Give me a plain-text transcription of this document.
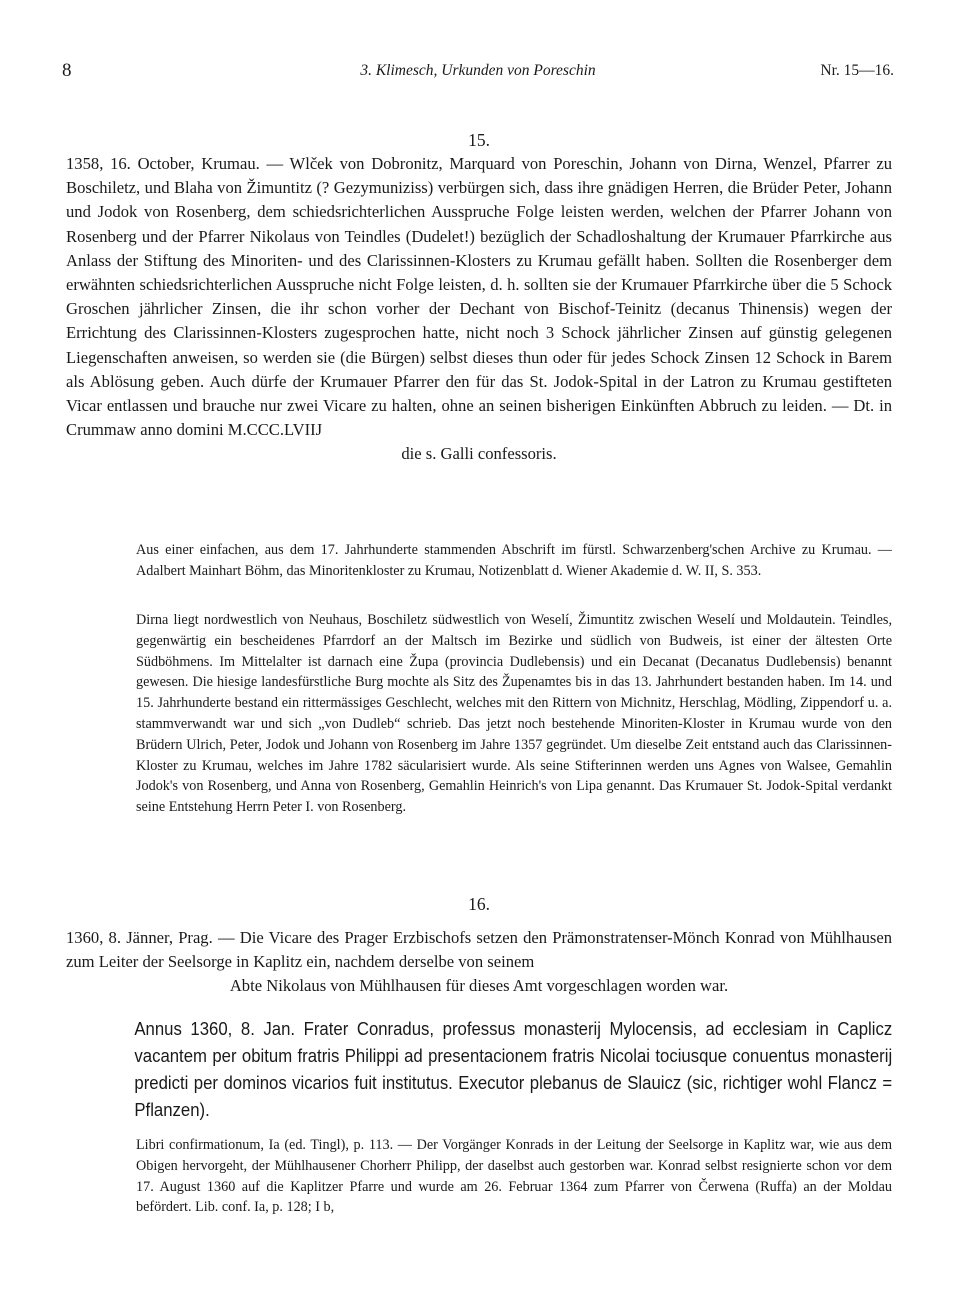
8	3. Klimesch, Urkunden von Poreschin	Nr. 15—16.
15.
1358, 16. October, Krumau. — Wlček von Dobronitz, Marquard von Poreschin, Johann von Dirna, Wenzel, Pfarrer zu Boschiletz, und Blaha von Žimuntitz (? Gezymuniziss) verbürgen sich, dass ihre gnädigen Herren, die Brüder Peter, Johann und Jodok von Rosenberg, dem schiedsrichterlichen Ausspruche Folge leisten werden, welchen der Pfarrer Johann von Rosenberg und der Pfarrer Nikolaus von Teindles (Dudelet!) bezüglich der Schadloshaltung der Krumauer Pfarrkirche aus Anlass der Stiftung des Minoriten- und des Clarissinnen-Klosters zu Krumau gefällt haben. Sollten die Rosenberger dem erwähnten schiedsrichterlichen Ausspruche nicht Folge leisten, d. h. sollten sie der Krumauer Pfarrkirche über die 5 Schock Groschen jährlicher Zinsen, die ihr schon vorher der Dechant von Bischof-Teinitz (decanus Thinensis) wegen der Errichtung des Clarissinnen-Klosters zugesprochen hatte, nicht noch 3 Schock jährlicher Zinsen auf günstig gelegenen Liegenschaften anweisen, so werden sie (die Bürgen) selbst dieses thun oder für jedes Schock Zinsen 12 Schock in Barem als Ablösung geben. Auch dürfe der Krumauer Pfarrer den für das St. Jodok-Spital in der Latron zu Krumau gestifteten Vicar entlassen und brauche nur zwei Vicare zu halten, ohne an seinen bisherigen Einkünften Abbruch zu leiden. — Dt. in Crummaw anno domini M.CCC.LVIIJ
die s. Galli confessoris.
Aus einer einfachen, aus dem 17. Jahrhunderte stammenden Abschrift im fürstl. Schwarzenberg'schen Archive zu Krumau. — Adalbert Mainhart Böhm, das Minoritenkloster zu Krumau, Notizenblatt d. Wiener Akademie d. W. II, S. 353.
Dirna liegt nordwestlich von Neuhaus, Boschiletz südwestlich von Weselí, Žimuntitz zwischen Weselí und Moldautein. Teindles, gegenwärtig ein bescheidenes Pfarrdorf an der Maltsch im Bezirke und südlich von Budweis, ist einer der ältesten Orte Südböhmens. Im Mittelalter ist darnach eine Župa (provincia Dudlebensis) und ein Decanat (Decanatus Dudlebensis) benannt gewesen. Die hiesige landesfürstliche Burg mochte als Sitz des Župenamtes bis in das 13. Jahrhundert bestanden haben. Im 14. und 15. Jahrhunderte bestand ein rittermässiges Geschlecht, welches mit den Rittern von Michnitz, Herschlag, Mödling, Zippendorf u. a. stammverwandt war und sich „von Dudleb“ schrieb. Das jetzt noch bestehende Minoriten-Kloster in Krumau wurde von den Brüdern Ulrich, Peter, Jodok und Johann von Rosenberg im Jahre 1357 gegründet. Um dieselbe Zeit entstand auch das Clarissinnen-Kloster zu Krumau, welches im Jahre 1782 säcularisiert wurde. Als seine Stifterinnen werden uns Agnes von Walsee, Gemahlin Jodok's von Rosenberg, und Anna von Rosenberg, Gemahlin Heinrich's von Lipa genannt. Das Krumauer St. Jodok-Spital verdankt seine Entstehung Herrn Peter I. von Rosenberg.
16.
1360, 8. Jänner, Prag. — Die Vicare des Prager Erzbischofs setzen den Prämonstratenser-Mönch Konrad von Mühlhausen zum Leiter der Seelsorge in Kaplitz ein, nachdem derselbe von seinem
Abte Nikolaus von Mühlhausen für dieses Amt vorgeschlagen worden war.
Annus 1360, 8. Jan. Frater Conradus, professus monasterij Mylocensis, ad ecclesiam in Caplicz vacantem per obitum fratris Philippi ad presentacionem fratris Nicolai tociusque conuentus monasterij predicti per dominos vicarios fuit institutus. Executor plebanus de Slauicz (sic, richtiger wohl Flancz = Pflanzen).
Libri confirmationum, Ia (ed. Tingl), p. 113. — Der Vorgänger Konrads in der Leitung der Seelsorge in Kaplitz war, wie aus dem Obigen hervorgeht, der Mühlhausener Chorherr Philipp, der daselbst auch gestorben war. Konrad selbst resignierte schon vor dem 17. August 1360 auf die Kaplitzer Pfarre und wurde am 26. Februar 1364 zum Pfarrer von Čerwena (Ruffa) an der Moldau befördert. Lib. conf. Ia, p. 128; I b,
